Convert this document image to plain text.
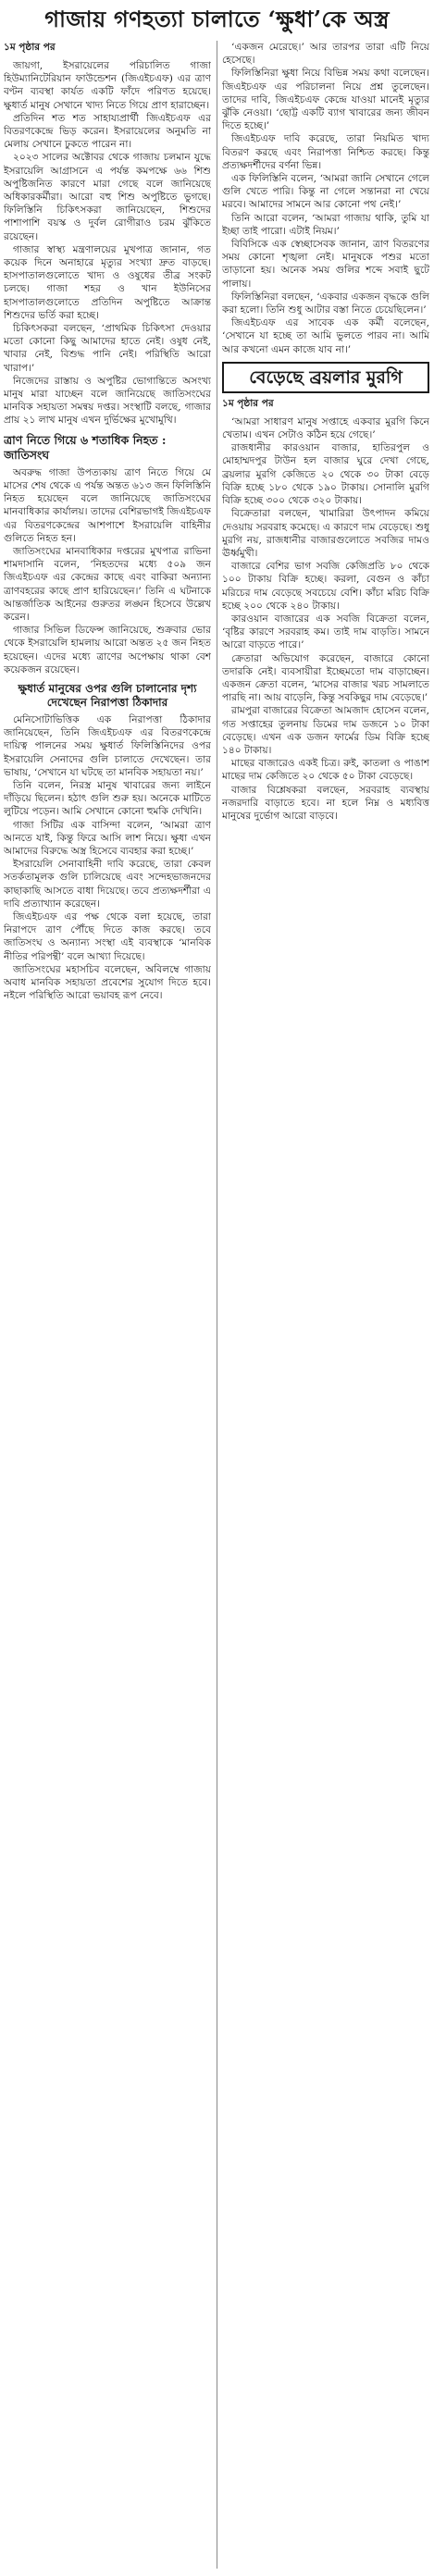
গাজায় গণহত্যা চালাতে ‘ক্ষুধা’কে অস্ত্র
১ম পৃষ্ঠার পর

জায়গা, ইসরায়েলের পরিচালিত গাজা হিউম্যানিটেরিয়ান ফাউন্ডেশন (জিএইচএফ) এর ত্রাণ বণ্টন ব্যবস্থা কার্যত একটি ফাঁদে পরিণত হয়েছে। ক্ষুধার্ত মানুষ সেখানে খাদ্য নিতে গিয়ে প্রাণ হারাচ্ছেন।

প্রতিদিন শত শত সাহায্যপ্রার্থী জিএইচএফ এর বিতরণকেন্দ্রে ভিড় করেন। ইসরায়েলের অনুমতি না মেলায় সেখানে ঢুকতে পারেন না।

২০২৩ সালের অক্টোবর থেকে গাজায় চলমান যুদ্ধে ইসরায়েলি আগ্রাসনে এ পর্যন্ত কমপক্ষে ৬৬ শিশু অপুষ্টিজনিত কারণে মারা গেছে বলে জানিয়েছে অধিকারকর্মীরা। আরো বহু শিশু অপুষ্টিতে ভুগছে। ফিলিস্তিনি চিকিৎসকরা জানিয়েছেন, শিশুদের পাশাপাশি বয়স্ক ও দুর্বল রোগীরাও চরম ঝুঁকিতে রয়েছেন।

গাজার স্বাস্থ্য মন্ত্রণালয়ের মুখপাত্র জানান, গত কয়েক দিনে অনাহারে মৃত্যুর সংখ্যা দ্রুত বাড়ছে। হাসপাতালগুলোতে খাদ্য ও ওষুধের তীব্র সংকট চলছে। গাজা শহর ও খান ইউনিসের হাসপাতালগুলোতে প্রতিদিন অপুষ্টিতে আক্রান্ত শিশুদের ভর্তি করা হচ্ছে।

চিকিৎসকরা বলছেন, ‘প্রাথমিক চিকিৎসা দেওয়ার মতো কোনো কিছু আমাদের হাতে নেই। ওষুধ নেই, খাবার নেই, বিশুদ্ধ পানি নেই। পরিস্থিতি আরো খারাপ।’

নিজেদের রাস্তায় ও অপুষ্টির ভোগান্তিতে অসংখ্য মানুষ মারা যাচ্ছেন বলে জানিয়েছে জাতিসংঘের মানবিক সহায়তা সমন্বয় দপ্তর। সংস্থাটি বলছে, গাজার প্রায় ২১ লাখ মানুষ এখন দুর্ভিক্ষের মুখোমুখি।

ত্রাণ নিতে গিয়ে ৬ শতাধিক নিহত : জাতিসংঘ

অবরুদ্ধ গাজা উপত্যকায় ত্রাণ নিতে গিয়ে মে মাসের শেষ থেকে এ পর্যন্ত অন্তত ৬১৩ জন ফিলিস্তিনি নিহত হয়েছেন বলে জানিয়েছে জাতিসংঘের মানবাধিকার কার্যালয়। তাদের বেশিরভাগই জিএইচএফ এর বিতরণকেন্দ্রের আশপাশে ইসরায়েলি বাহিনীর গুলিতে নিহত হন।

জাতিসংঘের মানবাধিকার দপ্তরের মুখপাত্র রাভিনা শামদাসানি বলেন, ‘নিহতদের মধ্যে ৫০৯ জন জিএইচএফ এর কেন্দ্রের কাছে এবং বাকিরা অন্যান্য ত্রাণবহরের কাছে প্রাণ হারিয়েছেন।’ তিনি এ ঘটনাকে আন্তর্জাতিক আইনের গুরুতর লঙ্ঘন হিসেবে উল্লেখ করেন।

গাজার সিভিল ডিফেন্স জানিয়েছে, শুক্রবার ভোর থেকে ইসরায়েলি হামলায় আরো অন্তত ২৫ জন নিহত হয়েছেন। এদের মধ্যে ত্রাণের অপেক্ষায় থাকা বেশ কয়েকজন রয়েছেন।

ক্ষুধার্ত মানুষের ওপর গুলি চালানোর দৃশ্য দেখেছেন নিরাপত্তা ঠিকাদার

মেনিসোটাভিত্তিক এক নিরাপত্তা ঠিকাদার জানিয়েছেন, তিনি জিএইচএফ এর বিতরণকেন্দ্রে দায়িত্ব পালনের সময় ক্ষুধার্ত ফিলিস্তিনিদের ওপর ইসরায়েলি সেনাদের গুলি চালাতে দেখেছেন। তার ভাষায়, ‘সেখানে যা ঘটছে তা মানবিক সহায়তা নয়।’

তিনি বলেন, নিরস্ত্র মানুষ খাবারের জন্য লাইনে দাঁড়িয়ে ছিলেন। হঠাৎ গুলি শুরু হয়। অনেকে মাটিতে লুটিয়ে পড়েন। আমি সেখানে কোনো হুমকি দেখিনি।

গাজা সিটির এক বাসিন্দা বলেন, ‘আমরা ত্রাণ আনতে যাই, কিন্তু ফিরে আসি লাশ নিয়ে। ক্ষুধা এখন আমাদের বিরুদ্ধে অস্ত্র হিসেবে ব্যবহার করা হচ্ছে।’

ইসরায়েলি সেনাবাহিনী দাবি করেছে, তারা কেবল সতর্কতামূলক গুলি চালিয়েছে এবং সন্দেহভাজনদের কাছাকাছি আসতে বাধা দিয়েছে। তবে প্রত্যক্ষদর্শীরা এ দাবি প্রত্যাখ্যান করেছেন।

জিএইচএফ এর পক্ষ থেকে বলা হয়েছে, তারা নিরাপদে ত্রাণ পৌঁছে দিতে কাজ করছে। তবে জাতিসংঘ ও অন্যান্য সংস্থা এই ব্যবস্থাকে ‘মানবিক নীতির পরিপন্থী’ বলে আখ্যা দিয়েছে।

জাতিসংঘের মহাসচিব বলেছেন, অবিলম্বে গাজায় অবাধ মানবিক সহায়তা প্রবেশের সুযোগ দিতে হবে। নইলে পরিস্থিতি আরো ভয়াবহ রূপ নেবে।

‘একজন মেরেছে।’ আর তারপর তারা এটি নিয়ে হেসেছে।

ফিলিস্তিনিরা ক্ষুধা নিয়ে বিভিন্ন সময় কথা বলেছেন। জিএইচএফ এর পরিচালনা নিয়ে প্রশ্ন তুলেছেন। তাদের দাবি, জিএইচএফ কেন্দ্রে যাওয়া মানেই মৃত্যুর ঝুঁকি নেওয়া। ‘ছোট্ট একটি ব্যাগ খাবারের জন্য জীবন দিতে হচ্ছে।’

জিএইচএফ দাবি করেছে, তারা নিয়মিত খাদ্য বিতরণ করছে এবং নিরাপত্তা নিশ্চিত করছে। কিন্তু প্রত্যক্ষদর্শীদের বর্ণনা ভিন্ন।

এক ফিলিস্তিনি বলেন, ‘আমরা জানি সেখানে গেলে গুলি খেতে পারি। কিন্তু না গেলে সন্তানরা না খেয়ে মরবে। আমাদের সামনে আর কোনো পথ নেই।’

তিনি আরো বলেন, ‘আমরা গাজায় থাকি, তুমি যা ইচ্ছা তাই পারো। এটাই নিয়ম।’

বিবিসিকে এক স্বেচ্ছাসেবক জানান, ত্রাণ বিতরণের সময় কোনো শৃঙ্খলা নেই। মানুষকে পশুর মতো তাড়ানো হয়। অনেক সময় গুলির শব্দে সবাই ছুটে পালায়।

ফিলিস্তিনিরা বলছেন, ‘একবার একজন বৃদ্ধকে গুলি করা হলো। তিনি শুধু আটার বস্তা নিতে চেয়েছিলেন।’

জিএইচএফ এর সাবেক এক কর্মী বলেছেন, ‘সেখানে যা হচ্ছে তা আমি ভুলতে পারব না। আমি আর কখনো এমন কাজে যাব না।’

বেড়েছে ব্রয়লার মুরগি
১ম পৃষ্ঠার পর

‘আমরা সাধারণ মানুষ সপ্তাহে একবার মুরগি কিনে খেতাম। এখন সেটাও কঠিন হয়ে গেছে।’

রাজধানীর কারওয়ান বাজার, হাতিরপুল ও মোহাম্মদপুর টাউন হল বাজার ঘুরে দেখা গেছে, ব্রয়লার মুরগি কেজিতে ২০ থেকে ৩০ টাকা বেড়ে বিক্রি হচ্ছে ১৮০ থেকে ১৯০ টাকায়। সোনালি মুরগি বিক্রি হচ্ছে ৩০০ থেকে ৩২০ টাকায়।

বিক্রেতারা বলছেন, খামারিরা উৎপাদন কমিয়ে দেওয়ায় সরবরাহ কমেছে। এ কারণে দাম বেড়েছে। শুধু মুরগি নয়, রাজধানীর বাজারগুলোতে সবজির দামও ঊর্ধ্বমুখী।

বাজারে বেশির ভাগ সবজি কেজিপ্রতি ৮০ থেকে ১০০ টাকায় বিক্রি হচ্ছে। করলা, বেগুন ও কাঁচা মরিচের দাম বেড়েছে সবচেয়ে বেশি। কাঁচা মরিচ বিক্রি হচ্ছে ২০০ থেকে ২৪০ টাকায়।

কারওয়ান বাজারের এক সবজি বিক্রেতা বলেন, ‘বৃষ্টির কারণে সরবরাহ কম। তাই দাম বাড়তি। সামনে আরো বাড়তে পারে।’

ক্রেতারা অভিযোগ করেছেন, বাজারে কোনো তদারকি নেই। ব্যবসায়ীরা ইচ্ছেমতো দাম বাড়াচ্ছেন। একজন ক্রেতা বলেন, ‘মাসের বাজার খরচ সামলাতে পারছি না। আয় বাড়েনি, কিন্তু সবকিছুর দাম বেড়েছে।’

রামপুরা বাজারের বিক্রেতা আমজাদ হোসেন বলেন, গত সপ্তাহের তুলনায় ডিমের দাম ডজনে ১০ টাকা বেড়েছে। এখন এক ডজন ফার্মের ডিম বিক্রি হচ্ছে ১৪০ টাকায়।

মাছের বাজারেও একই চিত্র। রুই, কাতলা ও পাঙাশ মাছের দাম কেজিতে ২০ থেকে ৫০ টাকা বেড়েছে।

বাজার বিশ্লেষকরা বলছেন, সরবরাহ ব্যবস্থায় নজরদারি বাড়াতে হবে। না হলে নিম্ন ও মধ্যবিত্ত মানুষের দুর্ভোগ আরো বাড়বে।
